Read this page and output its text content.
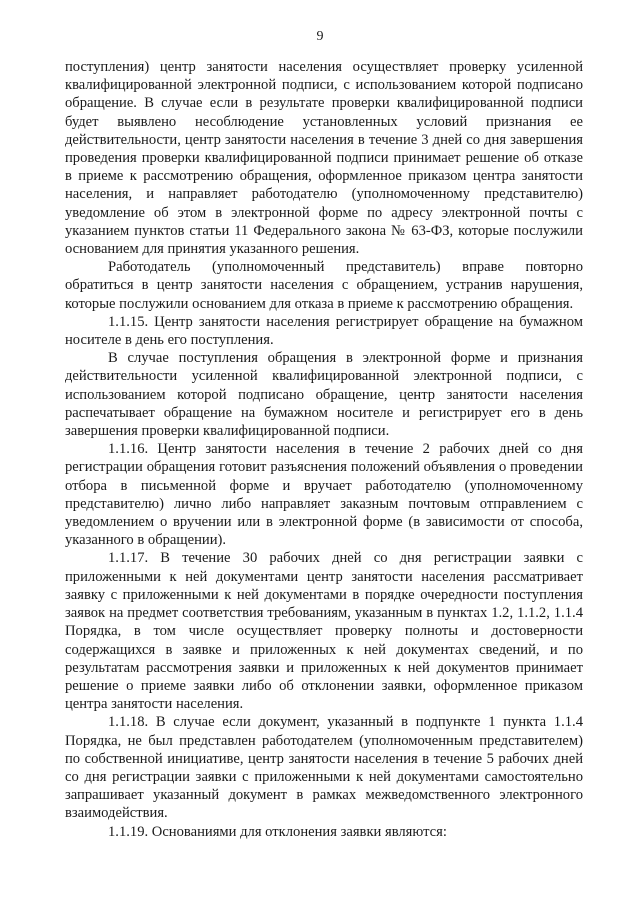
9

поступления) центр занятости населения осуществляет проверку усиленной квалифицированной электронной подписи, с использованием которой подписано обращение. В случае если в результате проверки квалифицированной подписи будет выявлено несоблюдение установленных условий признания ее действительности, центр занятости населения в течение 3 дней со дня завершения проведения проверки квалифицированной подписи принимает решение об отказе в приеме к рассмотрению обращения, оформленное приказом центра занятости населения, и направляет работодателю (уполномоченному представителю) уведомление об этом в электронной форме по адресу электронной почты с указанием пунктов статьи 11 Федерального закона № 63-ФЗ, которые послужили основанием для принятия указанного решения.

Работодатель (уполномоченный представитель) вправе повторно обратиться в центр занятости населения с обращением, устранив нарушения, которые послужили основанием для отказа в приеме к рассмотрению обращения.

1.1.15. Центр занятости населения регистрирует обращение на бумажном носителе в день его поступления.

В случае поступления обращения в электронной форме и признания действительности усиленной квалифицированной электронной подписи, с использованием которой подписано обращение, центр занятости населения распечатывает обращение на бумажном носителе и регистрирует его в день завершения проверки квалифицированной подписи.

1.1.16. Центр занятости населения в течение 2 рабочих дней со дня регистрации обращения готовит разъяснения положений объявления о проведении отбора в письменной форме и вручает работодателю (уполномоченному представителю) лично либо направляет заказным почтовым отправлением с уведомлением о вручении или в электронной форме (в зависимости от способа, указанного в обращении).

1.1.17. В течение 30 рабочих дней со дня регистрации заявки с приложенными к ней документами центр занятости населения рассматривает заявку с приложенными к ней документами в порядке очередности поступления заявок на предмет соответствия требованиям, указанным в пунктах 1.2, 1.1.2, 1.1.4 Порядка, в том числе осуществляет проверку полноты и достоверности содержащихся в заявке и приложенных к ней документах сведений, и по результатам рассмотрения заявки и приложенных к ней документов принимает решение о приеме заявки либо об отклонении заявки, оформленное приказом центра занятости населения.

1.1.18. В случае если документ, указанный в подпункте 1 пункта 1.1.4 Порядка, не был представлен работодателем (уполномоченным представителем) по собственной инициативе, центр занятости населения в течение 5 рабочих дней со дня регистрации заявки с приложенными к ней документами самостоятельно запрашивает указанный документ в рамках межведомственного электронного взаимодействия.

1.1.19. Основаниями для отклонения заявки являются:
